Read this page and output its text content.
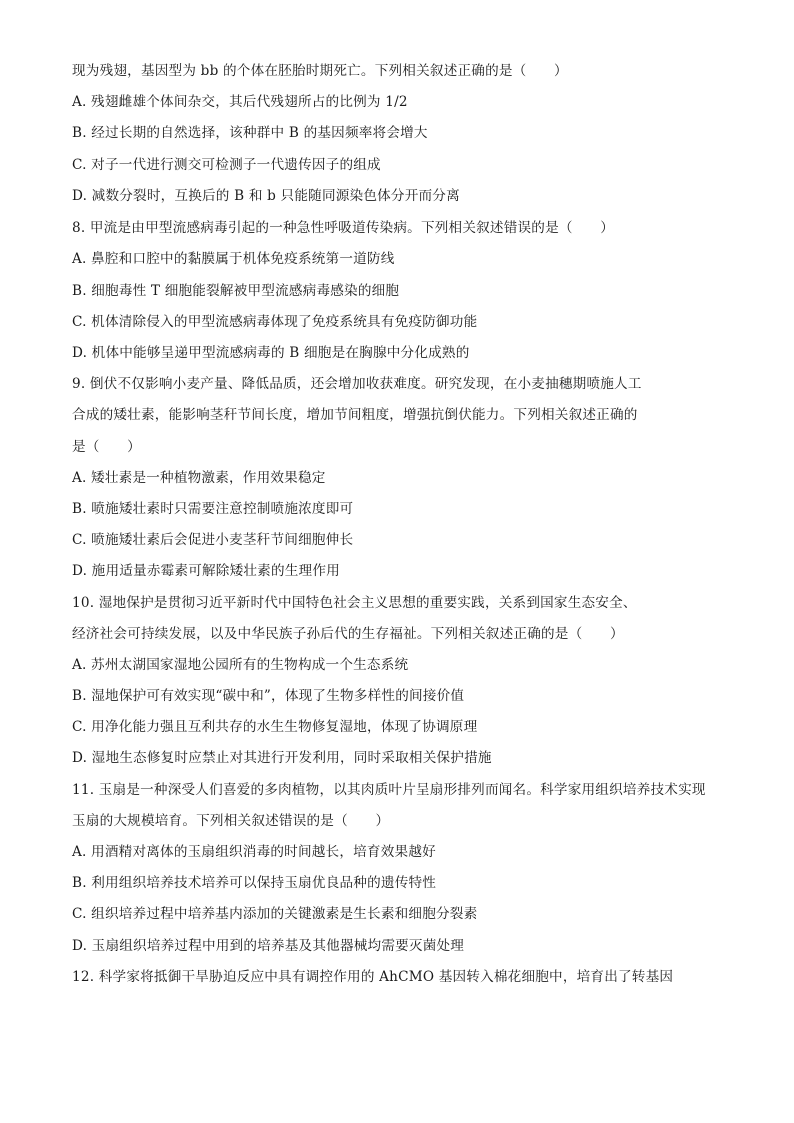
现为残翅，基因型为 bb 的个体在胚胎时期死亡。下列相关叙述正确的是（　　）
A. 残翅雌雄个体间杂交，其后代残翅所占的比例为 1/2
B. 经过长期的自然选择，该种群中 B 的基因频率将会增大
C. 对子一代进行测交可检测子一代遗传因子的组成
D. 减数分裂时，互换后的 B 和 b 只能随同源染色体分开而分离
8. 甲流是由甲型流感病毒引起的一种急性呼吸道传染病。下列相关叙述错误的是（　　）
A. 鼻腔和口腔中的黏膜属于机体免疫系统第一道防线
B. 细胞毒性 T 细胞能裂解被甲型流感病毒感染的细胞
C. 机体清除侵入的甲型流感病毒体现了免疫系统具有免疫防御功能
D. 机体中能够呈递甲型流感病毒的 B 细胞是在胸腺中分化成熟的
9. 倒伏不仅影响小麦产量、降低品质，还会增加收获难度。研究发现，在小麦抽穗期喷施人工
合成的矮壮素，能影响茎秆节间长度，增加节间粗度，增强抗倒伏能力。下列相关叙述正确的
是（　　）
A. 矮壮素是一种植物激素，作用效果稳定
B. 喷施矮壮素时只需要注意控制喷施浓度即可
C. 喷施矮壮素后会促进小麦茎秆节间细胞伸长
D. 施用适量赤霉素可解除矮壮素的生理作用
10. 湿地保护是贯彻习近平新时代中国特色社会主义思想的重要实践，关系到国家生态安全、
经济社会可持续发展，以及中华民族子孙后代的生存福祉。下列相关叙述正确的是（　　）
A. 苏州太湖国家湿地公园所有的生物构成一个生态系统
B. 湿地保护可有效实现“碳中和”，体现了生物多样性的间接价值
C. 用净化能力强且互利共存的水生生物修复湿地，体现了协调原理
D. 湿地生态修复时应禁止对其进行开发利用，同时采取相关保护措施
11. 玉扇是一种深受人们喜爱的多肉植物，以其肉质叶片呈扇形排列而闻名。科学家用组织培养技术实现
玉扇的大规模培育。下列相关叙述错误的是（　　）
A. 用酒精对离体的玉扇组织消毒的时间越长，培育效果越好
B. 利用组织培养技术培养可以保持玉扇优良品种的遗传特性
C. 组织培养过程中培养基内添加的关键激素是生长素和细胞分裂素
D. 玉扇组织培养过程中用到的培养基及其他器械均需要灭菌处理
12. 科学家将抵御干旱胁迫反应中具有调控作用的 AhCMO 基因转入棉花细胞中，培育出了转基因
